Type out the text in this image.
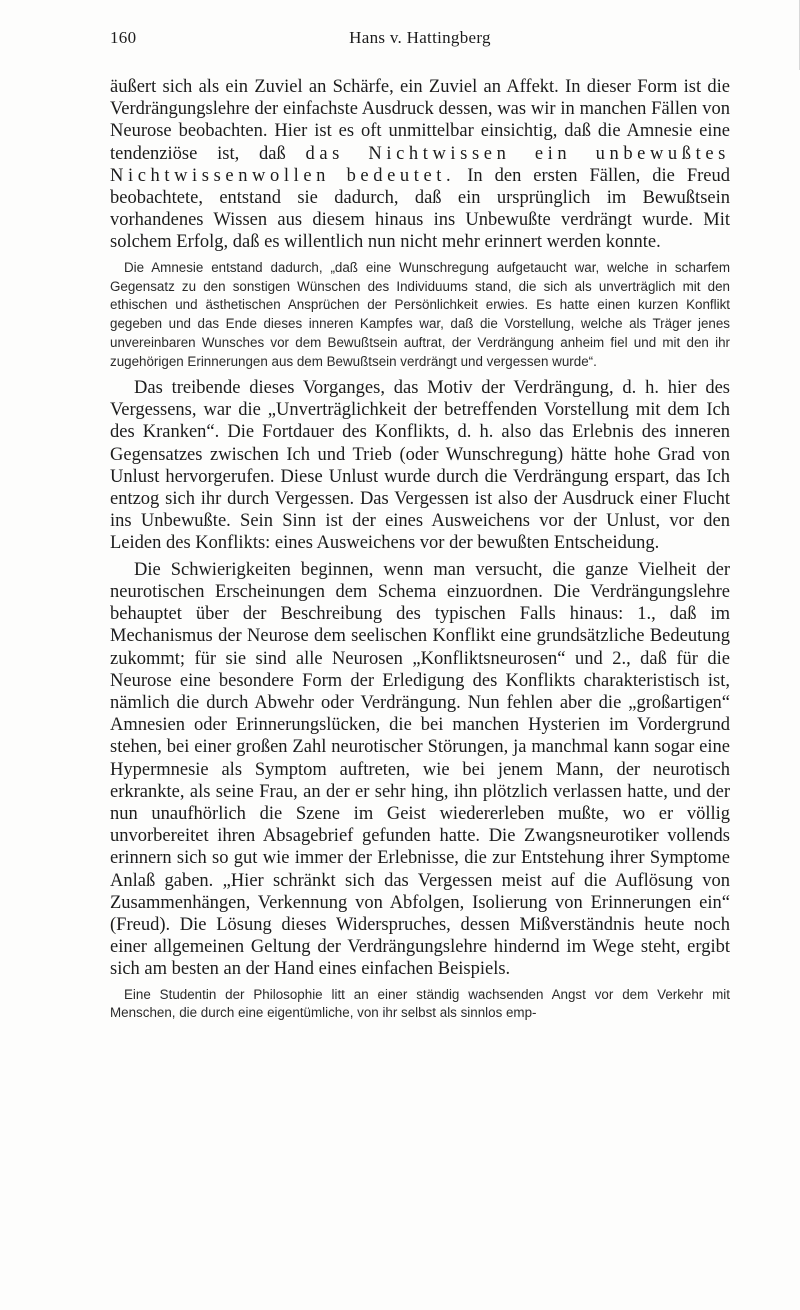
160	Hans v. Hattingberg

äußert sich als ein Zuviel an Schärfe, ein Zuviel an Affekt. In dieser Form ist die Verdrängungslehre der einfachste Ausdruck dessen, was wir in manchen Fällen von Neurose beobachten. Hier ist es oft unmittelbar einsichtig, daß die Amnesie eine tendenziöse ist, daß das Nichtwissen ein unbewußtes Nichtwissenwollen bedeutet. In den ersten Fällen, die Freud beobachtete, entstand sie dadurch, daß ein ursprünglich im Bewußtsein vorhandenes Wissen aus diesem hinaus ins Unbewußte verdrängt wurde. Mit solchem Erfolg, daß es willentlich nun nicht mehr erinnert werden konnte.

Die Amnesie entstand dadurch, „daß eine Wunschregung aufgetaucht war, welche in scharfem Gegensatz zu den sonstigen Wünschen des Individuums stand, die sich als unverträglich mit den ethischen und ästhetischen Ansprüchen der Persönlichkeit erwies. Es hatte einen kurzen Konflikt gegeben und das Ende dieses inneren Kampfes war, daß die Vorstellung, welche als Träger jenes unvereinbaren Wunsches vor dem Bewußtsein auftrat, der Verdrängung anheim fiel und mit den ihr zugehörigen Erinnerungen aus dem Bewußtsein verdrängt und vergessen wurde“.

Das treibende dieses Vorganges, das Motiv der Verdrängung, d. h. hier des Vergessens, war die „Unverträglichkeit der betreffenden Vorstellung mit dem Ich des Kranken“. Die Fortdauer des Konflikts, d. h. also das Erlebnis des inneren Gegensatzes zwischen Ich und Trieb (oder Wunschregung) hätte hohe Grad von Unlust hervorgerufen. Diese Unlust wurde durch die Verdrängung erspart, das Ich entzog sich ihr durch Vergessen. Das Vergessen ist also der Ausdruck einer Flucht ins Unbewußte. Sein Sinn ist der eines Ausweichens vor der Unlust, vor den Leiden des Konflikts: eines Ausweichens vor der bewußten Entscheidung.

Die Schwierigkeiten beginnen, wenn man versucht, die ganze Vielheit der neurotischen Erscheinungen dem Schema einzuordnen. Die Verdrängungslehre behauptet über der Beschreibung des typischen Falls hinaus: 1., daß im Mechanismus der Neurose dem seelischen Konflikt eine grundsätzliche Bedeutung zukommt; für sie sind alle Neurosen „Konfliktsneurosen“ und 2., daß für die Neurose eine besondere Form der Erledigung des Konflikts charakteristisch ist, nämlich die durch Abwehr oder Verdrängung. Nun fehlen aber die „großartigen“ Amnesien oder Erinnerungslücken, die bei manchen Hysterien im Vordergrund stehen, bei einer großen Zahl neurotischer Störungen, ja manchmal kann sogar eine Hypermnesie als Symptom auftreten, wie bei jenem Mann, der neurotisch erkrankte, als seine Frau, an der er sehr hing, ihn plötzlich verlassen hatte, und der nun unaufhörlich die Szene im Geist wiedererleben mußte, wo er völlig unvorbereitet ihren Absagebrief gefunden hatte. Die Zwangsneurotiker vollends erinnern sich so gut wie immer der Erlebnisse, die zur Entstehung ihrer Symptome Anlaß gaben. „Hier schränkt sich das Vergessen meist auf die Auflösung von Zusammenhängen, Verkennung von Abfolgen, Isolierung von Erinnerungen ein“ (Freud). Die Lösung dieses Widerspruches, dessen Mißverständnis heute noch einer allgemeinen Geltung der Verdrängungslehre hindernd im Wege steht, ergibt sich am besten an der Hand eines einfachen Beispiels.

Eine Studentin der Philosophie litt an einer ständig wachsenden Angst vor dem Verkehr mit Menschen, die durch eine eigentümliche, von ihr selbst als sinnlos emp-
